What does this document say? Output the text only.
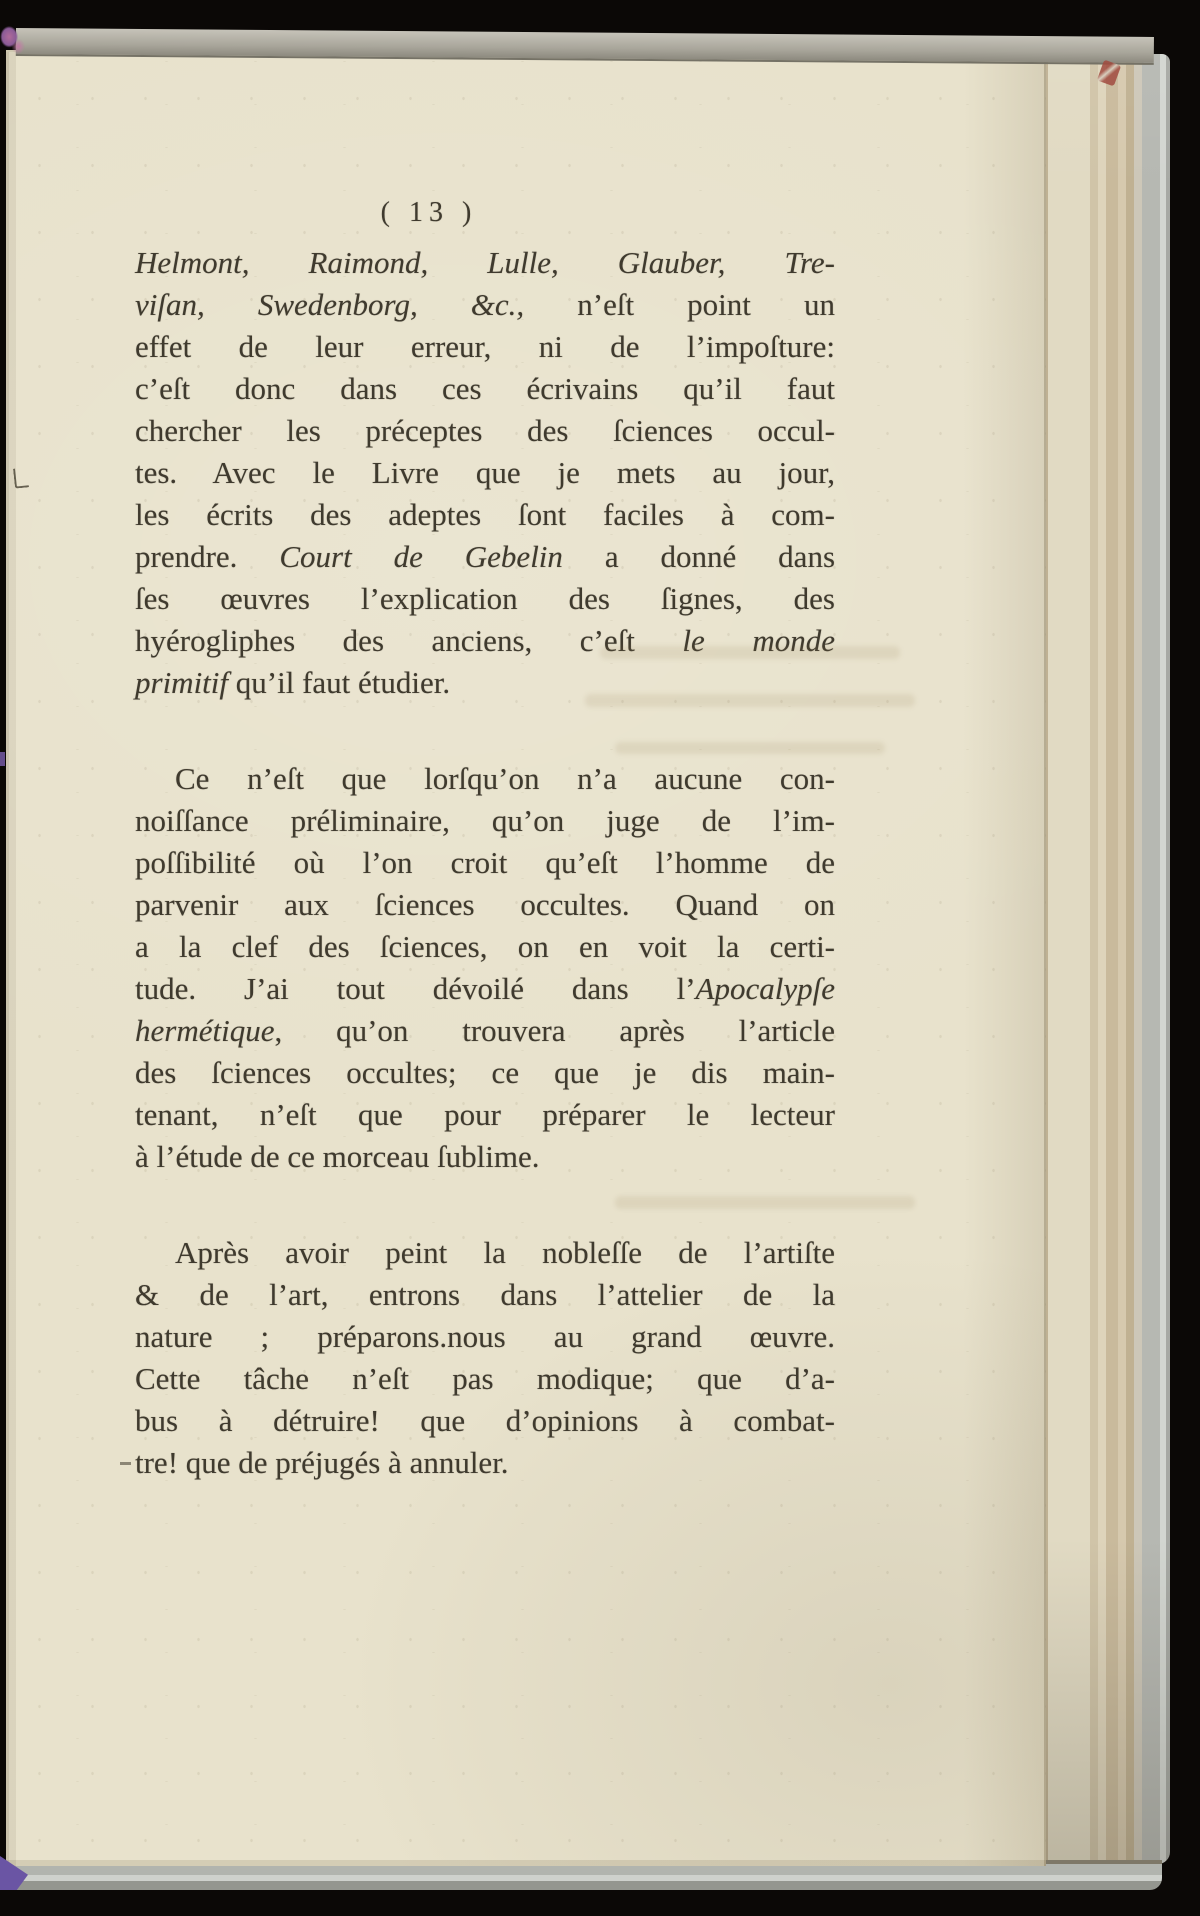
( 13 )
Helmont, Raimond, Lulle, Glauber, Tre-
viſan, Swedenborg, &c., n’eſt point un
effet de leur erreur, ni de l’impoſture:
c’eſt donc dans ces écrivains qu’il faut
chercher les préceptes des ſciences occul-
tes. Avec le Livre que je mets au jour,
les écrits des adeptes ſont faciles à com-
prendre. Court de Gebelin a donné dans
ſes œuvres l’explication des ſignes, des
hyérogliphes des anciens, c’eſt le monde
primitif qu’il faut étudier.
Ce n’eſt que lorſqu’on n’a aucune con-
noiſſance préliminaire, qu’on juge de l’im-
poſſibilité où l’on croit qu’eſt l’homme de
parvenir aux ſciences occultes. Quand on
a la clef des ſciences, on en voit la certi-
tude. J’ai tout dévoilé dans l’Apocalypſe
hermétique, qu’on trouvera après l’article
des ſciences occultes; ce que je dis main-
tenant, n’eſt que pour préparer le lecteur
à l’étude de ce morceau ſublime.
Après avoir peint la nobleſſe de l’artiſte
& de l’art, entrons dans l’attelier de la
nature ; préparons.nous au grand œuvre.
Cette tâche n’eſt pas modique; que d’a-
bus à détruire! que d’opinions à combat-
tre! que de préjugés à annuler.
